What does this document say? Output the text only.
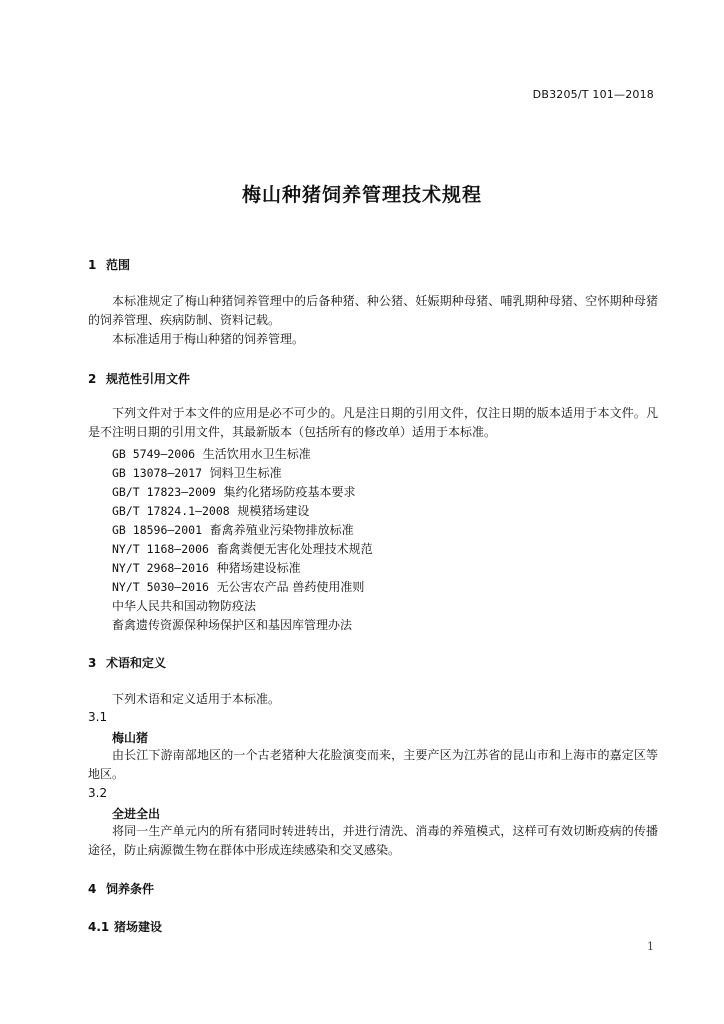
DB3205/T 101—2018
梅山种猪饲养管理技术规程
1 范围
本标准规定了梅山种猪饲养管理中的后备种猪、种公猪、妊娠期种母猪、哺乳期种母猪、空怀期种母猪的饲养管理、疾病防制、资料记载。
本标准适用于梅山种猪的饲养管理。
2 规范性引用文件
下列文件对于本文件的应用是必不可少的。凡是注日期的引用文件，仅注日期的版本适用于本文件。凡是不注明日期的引用文件，其最新版本（包括所有的修改单）适用于本标准。
GB 5749—2006 生活饮用水卫生标准
GB 13078—2017 饲料卫生标准
GB/T 17823—2009 集约化猪场防疫基本要求
GB/T 17824.1—2008 规模猪场建设
GB 18596—2001 畜禽养殖业污染物排放标准
NY/T 1168—2006 畜禽粪便无害化处理技术规范
NY/T 2968—2016 种猪场建设标准
NY/T 5030—2016 无公害农产品 兽药使用准则
中华人民共和国动物防疫法
畜禽遗传资源保种场保护区和基因库管理办法
3 术语和定义
下列术语和定义适用于本标准。
3.1
梅山猪
由长江下游南部地区的一个古老猪种大花脸演变而来，主要产区为江苏省的昆山市和上海市的嘉定区等地区。
3.2
全进全出
将同一生产单元内的所有猪同时转进转出，并进行清洗、消毒的养殖模式，这样可有效切断疫病的传播途径，防止病源微生物在群体中形成连续感染和交叉感染。
4 饲养条件
4.1 猪场建设
1
